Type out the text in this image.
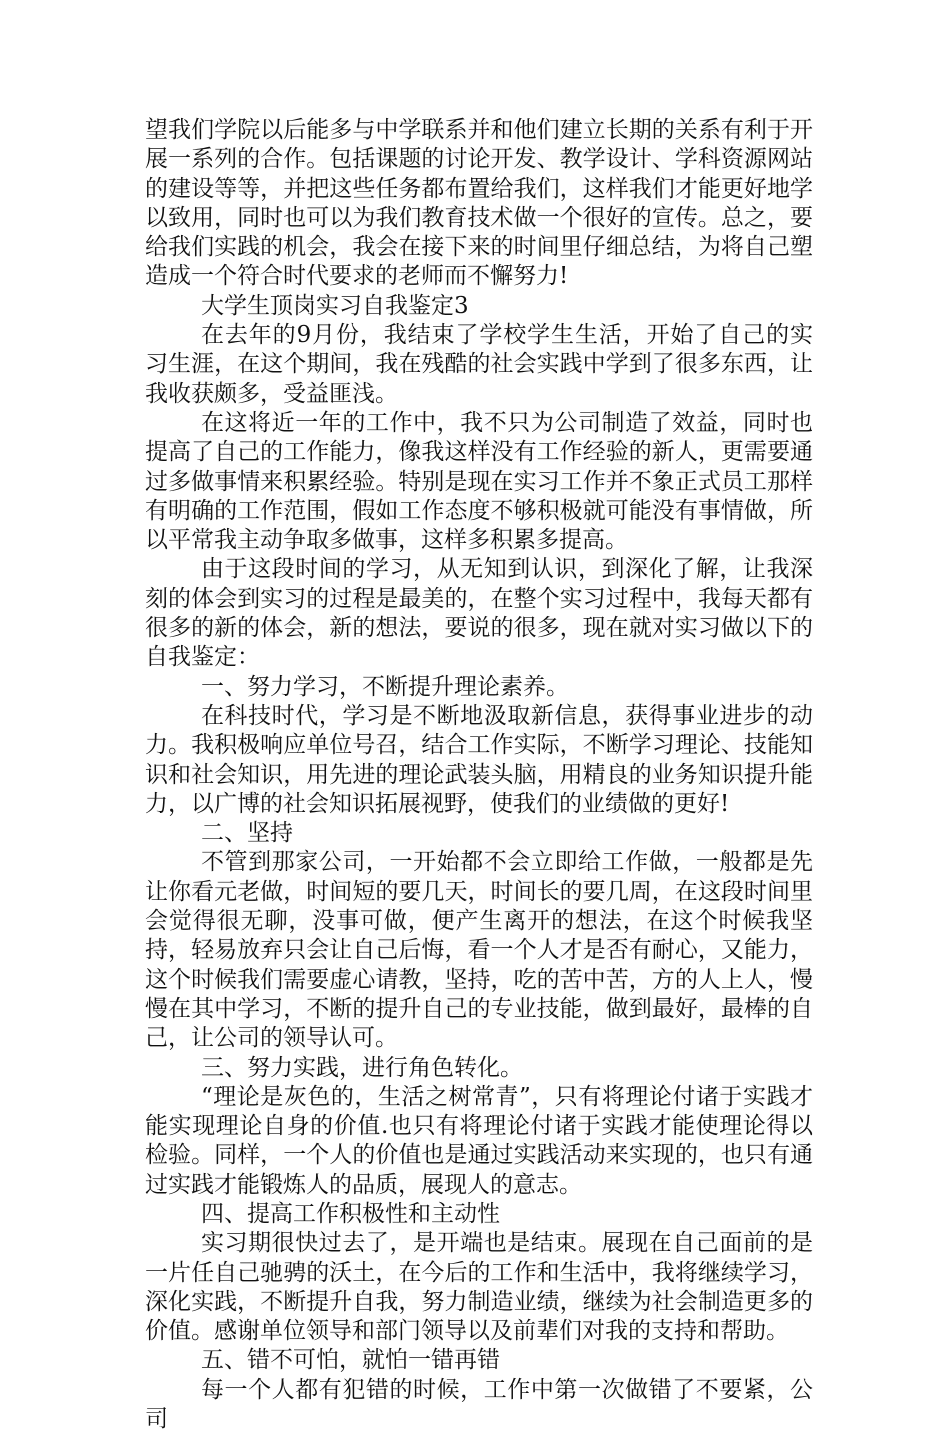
望我们学院以后能多与中学联系并和他们建立长期的关系有利于开展一系列的合作。包括课题的讨论开发、教学设计、学科资源网站的建设等等，并把这些任务都布置给我们，这样我们才能更好地学以致用，同时也可以为我们教育技术做一个很好的宣传。总之，要给我们实践的机会，我会在接下来的时间里仔细总结，为将自己塑造成一个符合时代要求的老师而不懈努力!

大学生顶岗实习自我鉴定3

在去年的9月份，我结束了学校学生生活，开始了自己的实习生涯，在这个期间，我在残酷的社会实践中学到了很多东西，让我收获颇多，受益匪浅。

在这将近一年的工作中，我不只为公司制造了效益，同时也提高了自己的工作能力，像我这样没有工作经验的新人，更需要通过多做事情来积累经验。特别是现在实习工作并不象正式员工那样有明确的工作范围，假如工作态度不够积极就可能没有事情做，所以平常我主动争取多做事，这样多积累多提高。

由于这段时间的学习，从无知到认识，到深化了解，让我深刻的体会到实习的过程是最美的，在整个实习过程中，我每天都有很多的新的体会，新的想法，要说的很多，现在就对实习做以下的自我鉴定：

一、努力学习，不断提升理论素养。

在科技时代，学习是不断地汲取新信息，获得事业进步的动力。我积极响应单位号召，结合工作实际，不断学习理论、技能知识和社会知识，用先进的理论武装头脑，用精良的业务知识提升能力，以广博的社会知识拓展视野，使我们的业绩做的更好!

二、坚持

不管到那家公司，一开始都不会立即给工作做，一般都是先让你看元老做，时间短的要几天，时间长的要几周，在这段时间里会觉得很无聊，没事可做，便产生离开的想法，在这个时候我坚持，轻易放弃只会让自己后悔，看一个人才是否有耐心，又能力，这个时候我们需要虚心请教，坚持，吃的苦中苦，方的人上人，慢慢在其中学习，不断的提升自己的专业技能，做到最好，最棒的自己，让公司的领导认可。

三、努力实践，进行角色转化。

“理论是灰色的，生活之树常青”，只有将理论付诸于实践才能实现理论自身的价值.也只有将理论付诸于实践才能使理论得以检验。同样，一个人的价值也是通过实践活动来实现的，也只有通过实践才能锻炼人的品质，展现人的意志。

四、提高工作积极性和主动性

实习期很快过去了，是开端也是结束。展现在自己面前的是一片任自己驰骋的沃土，在今后的工作和生活中，我将继续学习，深化实践，不断提升自我，努力制造业绩，继续为社会制造更多的价值。感谢单位领导和部门领导以及前辈们对我的支持和帮助。

五、错不可怕，就怕一错再错

每一个人都有犯错的时候，工作中第一次做错了不要紧，公司
